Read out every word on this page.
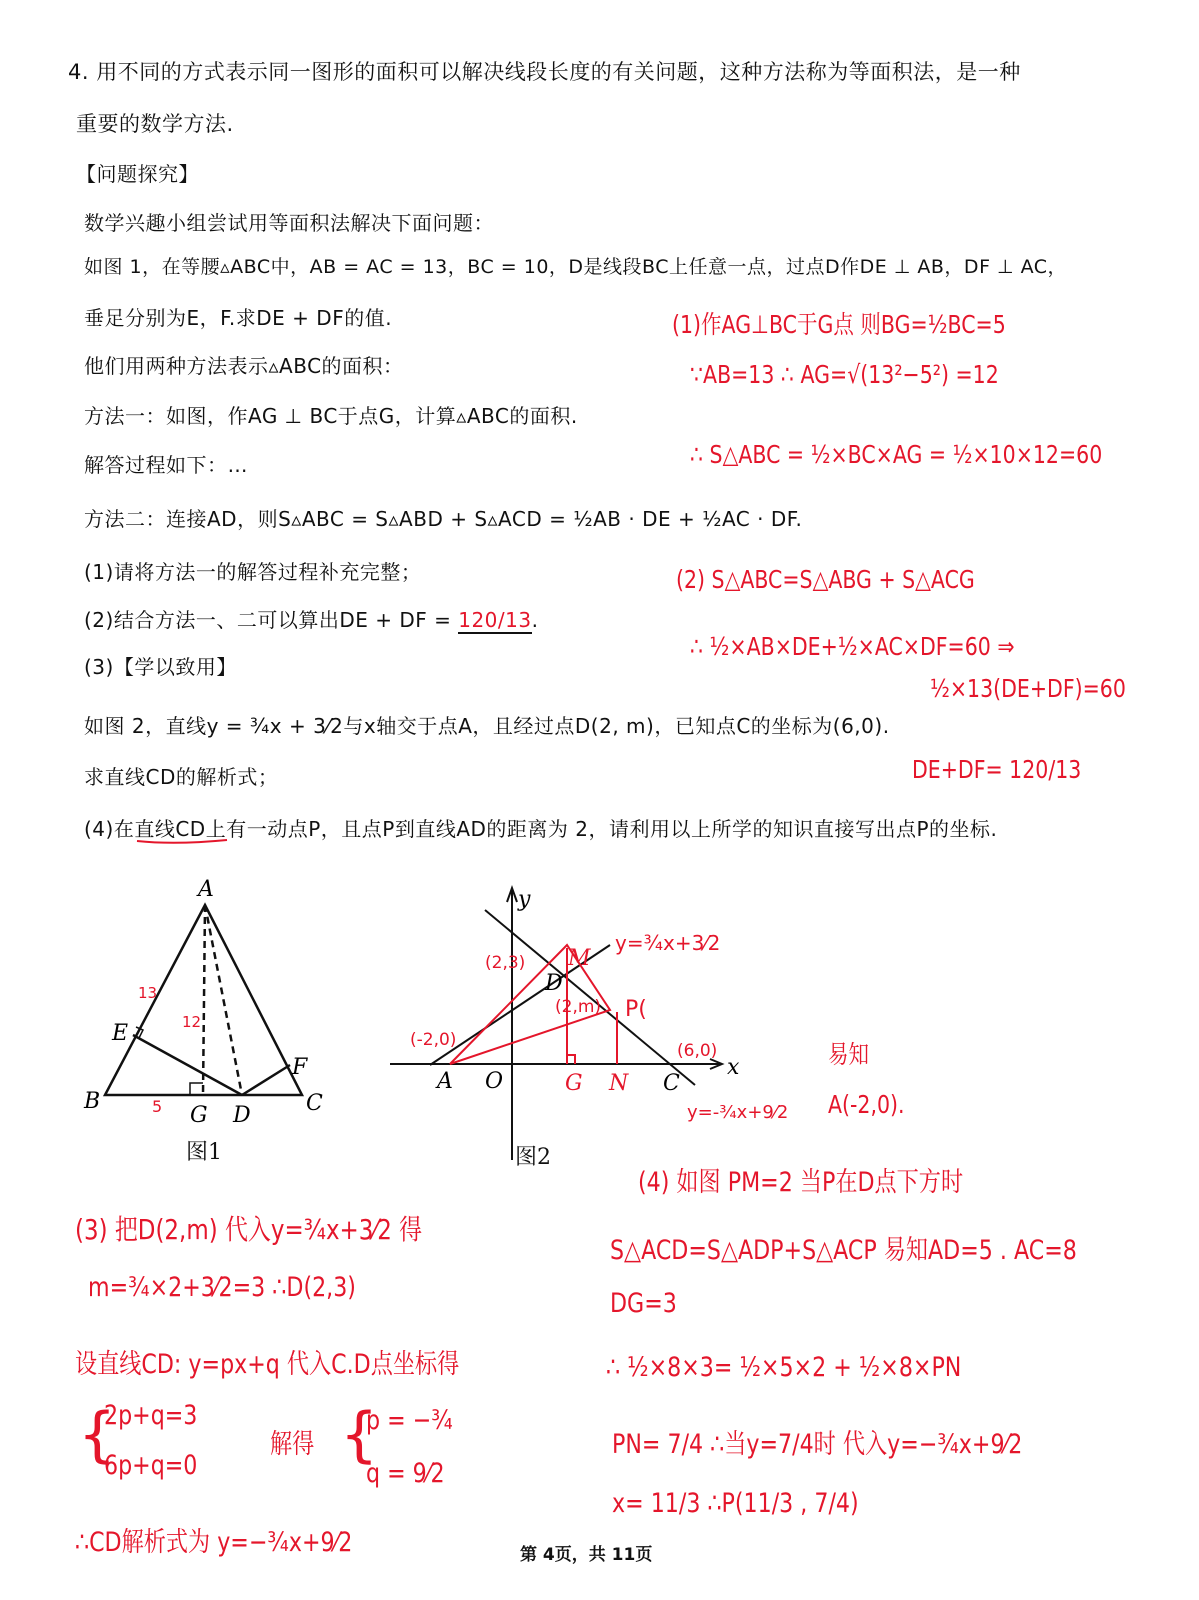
4. 用不同的方式表示同一图形的面积可以解决线段长度的有关问题，这种方法称为等面积法，是一种
重要的数学方法.
【问题探究】
数学兴趣小组尝试用等面积法解决下面问题：
如图 1，在等腰▵ABC中，AB = AC = 13，BC = 10，D是线段BC上任意一点，过点D作DE ⊥ AB，DF ⊥ AC，
垂足分别为E，F.求DE + DF的值.
他们用两种方法表示▵ABC的面积：
方法一：如图，作AG ⊥ BC于点G，计算▵ABC的面积.
解答过程如下：…
方法二：连接AD，则S▵ABC = S▵ABD + S▵ACD = ½AB · DE + ½AC · DF.
(1)请将方法一的解答过程补充完整；
(2)结合方法一、二可以算出DE + DF = 120/13.
(3)【学以致用】
如图 2，直线y = ¾x + 3⁄2与x轴交于点A，且经过点D(2, m)，已知点C的坐标为(6,0).
求直线CD的解析式；
(4)在直线CD上有一动点P，且点P到直线AD的距离为 2，请利用以上所学的知识直接写出点P的坐标.
A
B	C
D
E
F
G
13
12
5
图1
A O	G N C
D
M
x
y
(-2,0)
(2,3)
(2,m) P(
(6,0)
y=¾x+3⁄2
y=-¾x+9⁄2
图2
(1)作AG⊥BC于G点 则BG=½BC=5
∵AB=13 ∴ AG=√(13²−5²) =12
∴ S△ABC = ½×BC×AG = ½×10×12=60
(2) S△ABC=S△ABG + S△ACG
∴ ½×AB×DE+½×AC×DF=60 ⇒
½×13(DE+DF)=60
DE+DF= 120/13
易知
A(-2,0).
(3) 把D(2,m) 代入y=¾x+3⁄2 得
m=¾×2+3⁄2=3 ∴D(2,3)
设直线CD: y=px+q 代入C.D点坐标得
{
2p+q=3
6p+q=0
解得 {
p = −¾
q = 9⁄2
∴CD解析式为 y=−¾x+9⁄2
(4) 如图 PM=2 当P在D点下方时
S△ACD=S△ADP+S△ACP 易知AD=5 . AC=8
DG=3
∴ ½×8×3= ½×5×2 + ½×8×PN
PN= 7/4 ∴当y=7/4时 代入y=−¾x+9⁄2
x= 11/3 ∴P(11/3 , 7/4)
第 4页，共 11页
